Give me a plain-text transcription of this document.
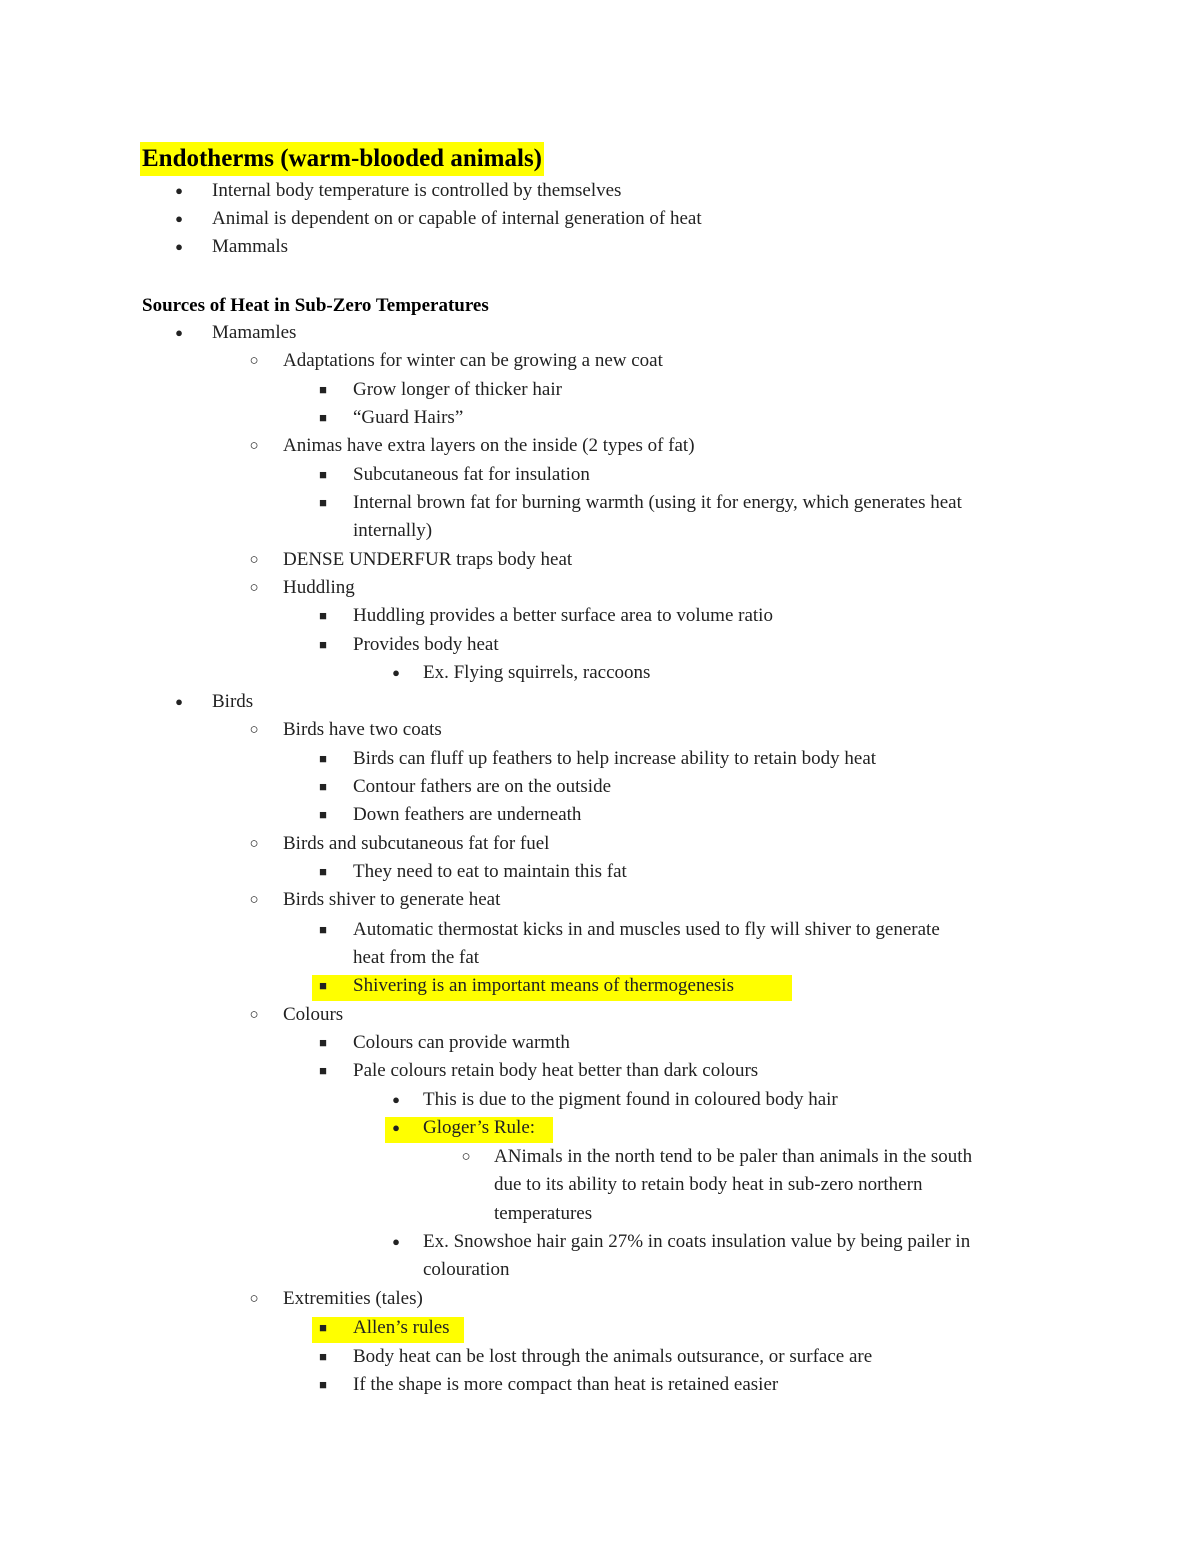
Endotherms (warm-blooded animals)
●	Internal body temperature is controlled by themselves
●	Animal is dependent on or capable of internal generation of heat
●	Mammals
Sources of Heat in Sub-Zero Temperatures
●	Mamamles
○	Adaptations for winter can be growing a new coat
■	Grow longer of thicker hair
■	“Guard Hairs”
○	Animas have extra layers on the inside (2 types of fat)
■	Subcutaneous fat for insulation
■	Internal brown fat for burning warmth (using it for energy, which generates heat
internally)
○	DENSE UNDERFUR traps body heat
○	Huddling
■	Huddling provides a better surface area to volume ratio
■	Provides body heat
●	Ex. Flying squirrels, raccoons
●	Birds
○	Birds have two coats
■	Birds can fluff up feathers to help increase ability to retain body heat
■	Contour fathers are on the outside
■	Down feathers are underneath
○	Birds and subcutaneous fat for fuel
■	They need to eat to maintain this fat
○	Birds shiver to generate heat
■	Automatic thermostat kicks in and muscles used to fly will shiver to generate
heat from the fat
■	Shivering is an important means of thermogenesis
○	Colours
■	Colours can provide warmth
■	Pale colours retain body heat better than dark colours
●	This is due to the pigment found in coloured body hair
●	Gloger’s Rule:
○	ANimals in the north tend to be paler than animals in the south
due to its ability to retain body heat in sub-zero northern
temperatures
●	Ex. Snowshoe hair gain 27% in coats insulation value by being pailer in
colouration
○	Extremities (tales)
■	Allen’s rules
■	Body heat can be lost through the animals outsurance, or surface are
■	If the shape is more compact than heat is retained easier
